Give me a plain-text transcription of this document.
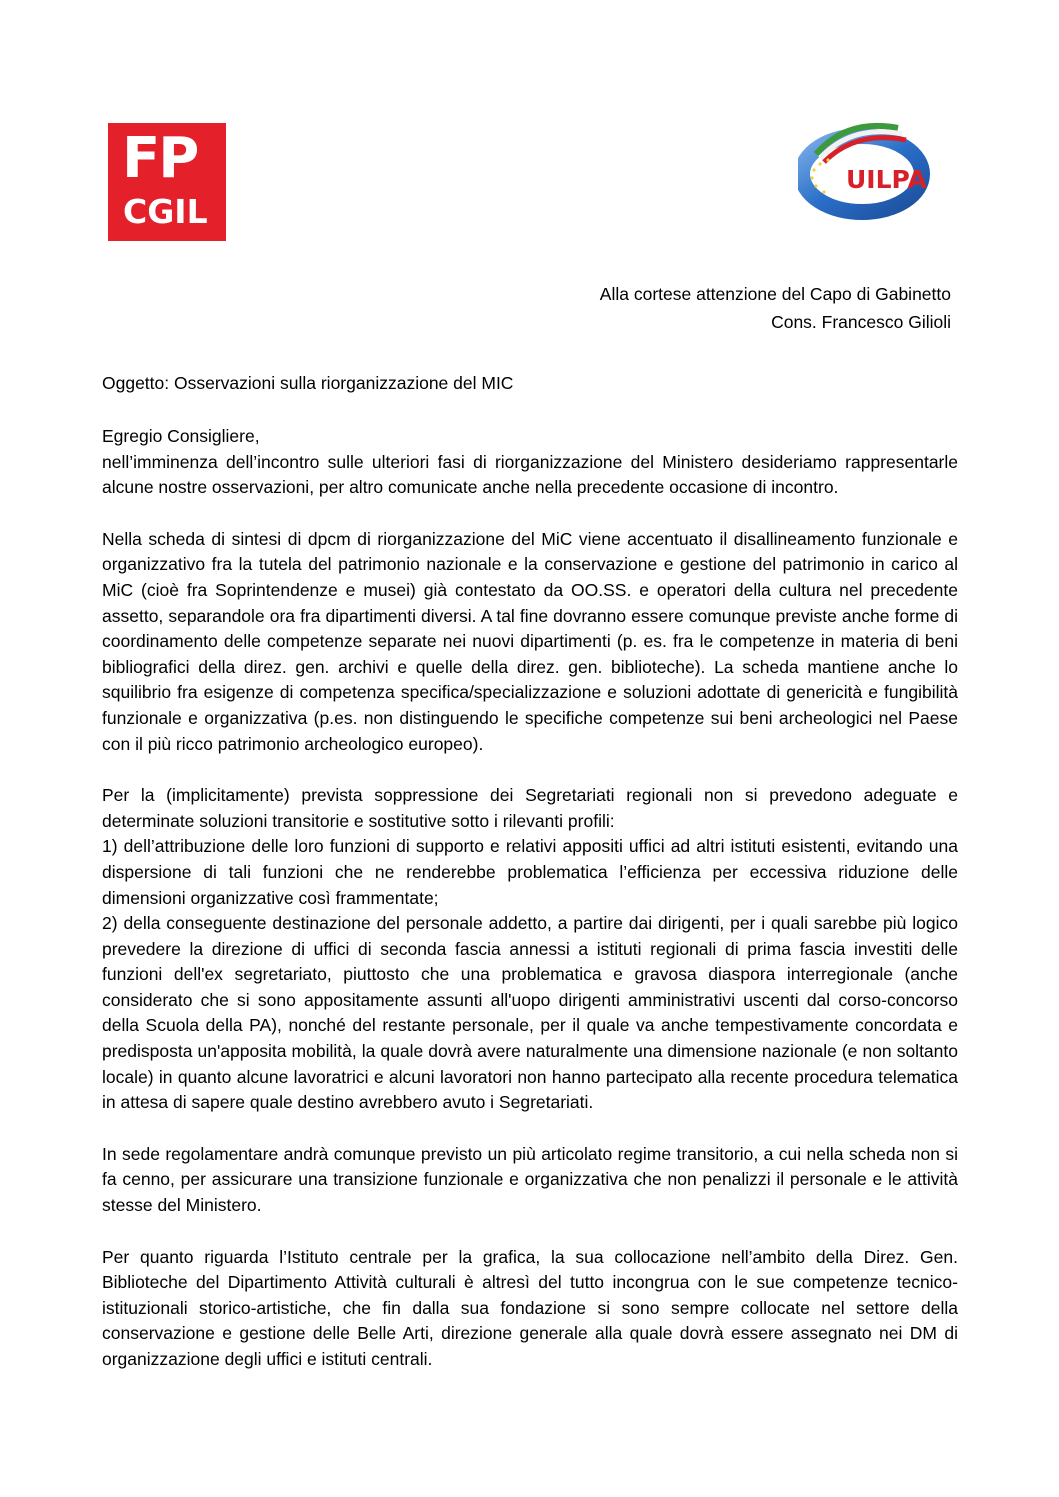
FP
CGIL
UILPA
Alla cortese attenzione del Capo di Gabinetto
Cons. Francesco Gilioli
Oggetto: Osservazioni sulla riorganizzazione del MIC

Egregio Consigliere,

nell’imminenza dell’incontro sulle ulteriori fasi di riorganizzazione del Ministero desideriamo rappresentarle alcune nostre osservazioni, per altro comunicate anche nella precedente occasione di incontro.

Nella scheda di sintesi di dpcm di riorganizzazione del MiC viene accentuato il disallineamento funzionale e organizzativo fra la tutela del patrimonio nazionale e la conservazione e gestione del patrimonio in carico al MiC (cioè fra Soprintendenze e musei) già contestato da OO.SS. e operatori della cultura nel precedente assetto, separandole ora fra dipartimenti diversi. A tal fine dovranno essere comunque previste anche forme di coordinamento delle competenze separate nei nuovi dipartimenti (p. es. fra le competenze in materia di beni bibliografici della direz. gen. archivi e quelle della direz. gen. biblioteche). La scheda mantiene anche lo squilibrio fra esigenze di competenza specifica/specializzazione e soluzioni adottate di genericità e fungibilità funzionale e organizzativa (p.es. non distinguendo le specifiche competenze sui beni archeologici nel Paese con il più ricco patrimonio archeologico europeo).

Per la (implicitamente) prevista soppressione dei Segretariati regionali non si prevedono adeguate e determinate soluzioni transitorie e sostitutive sotto i rilevanti profili:

1) dell’attribuzione delle loro funzioni di supporto e relativi appositi uffici ad altri istituti esistenti, evitando una dispersione di tali funzioni che ne renderebbe problematica l’efficienza per eccessiva riduzione delle dimensioni organizzative così frammentate;

2) della conseguente destinazione del personale addetto, a partire dai dirigenti, per i quali sarebbe più logico prevedere la direzione di uffici di seconda fascia annessi a istituti regionali di prima fascia investiti delle funzioni dell'ex segretariato, piuttosto che una problematica e gravosa diaspora interregionale (anche considerato che si sono appositamente assunti all'uopo dirigenti amministrativi uscenti dal corso-concorso della Scuola della PA), nonché del restante personale, per il quale va anche tempestivamente concordata e predisposta un'apposita mobilità, la quale dovrà avere naturalmente una dimensione nazionale (e non soltanto locale) in quanto alcune lavoratrici e alcuni lavoratori non hanno partecipato alla recente procedura telematica in attesa di sapere quale destino avrebbero avuto i Segretariati.

In sede regolamentare andrà comunque previsto un più articolato regime transitorio, a cui nella scheda non si fa cenno, per assicurare una transizione funzionale e organizzativa che non penalizzi il personale e le attività stesse del Ministero.

Per quanto riguarda l’Istituto centrale per la grafica, la sua collocazione nell’ambito della Direz. Gen. Biblioteche del Dipartimento Attività culturali è altresì del tutto incongrua con le sue competenze tecnico-istituzionali storico-artistiche, che fin dalla sua fondazione si sono sempre collocate nel settore della conservazione e gestione delle Belle Arti, direzione generale alla quale dovrà essere assegnato nei DM di organizzazione degli uffici e istituti centrali.
